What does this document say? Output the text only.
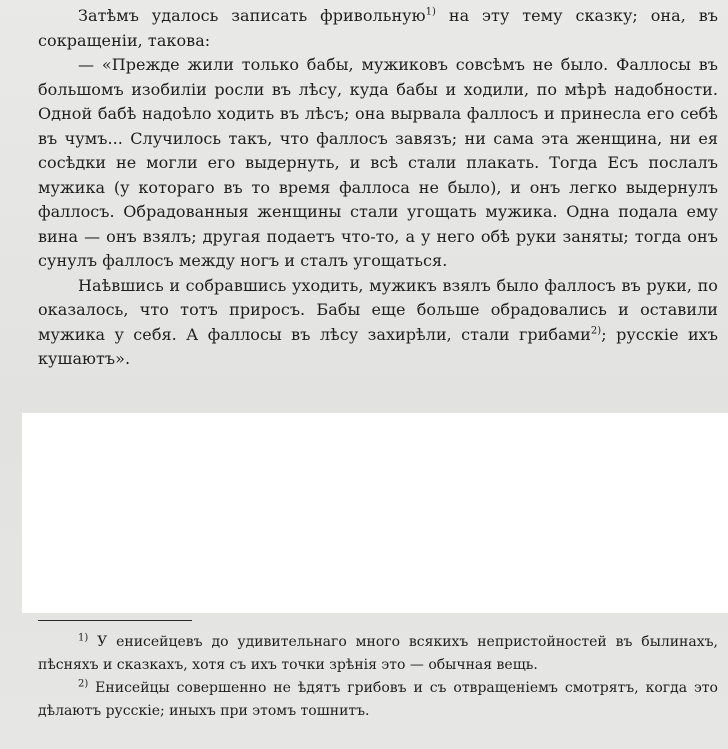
Затѣмъ удалось записать фривольную$^{1)}$ на эту тему сказку; она, въ сокращеніи, такова:

— «Прежде жили только бабы, мужиковъ совсѣмъ не было. Фаллосы въ большомъ изобиліи росли въ лѣсу, куда бабы и ходили, по мѣрѣ надобности. Одной бабѣ надоѣло ходить въ лѣсъ; она вырвала фаллосъ и принесла его себѣ въ чумъ... Случилось такъ, что фаллосъ завязъ; ни сама эта женщина, ни ея сосѣдки не могли его выдернуть, и всѣ стали плакать. Тогда Есъ послалъ мужика (у котораго въ то время фаллоса не было), и онъ легко выдернулъ фаллосъ. Обрадованныя женщины стали угощать мужика. Одна подала ему вина — онъ взялъ; другая подаетъ что-то, а у него обѣ руки заняты; тогда онъ сунулъ фаллосъ между ногъ и сталъ угощаться.

Наѣвшись и собравшись уходить, мужикъ взялъ было фаллосъ въ руки, по оказалось, что тотъ приросъ. Бабы еще больше обрадовались и оставили мужика у себя. А фаллосы въ лѣсу захирѣли, стали грибами$^{2)}$; русскіе ихъ кушаютъ».

$^{1)}$ У енисейцевъ до удивительнаго много всякихъ непристойностей въ былинахъ, пѣсняхъ и сказкахъ, хотя съ ихъ точки зрѣнія это — обычная вещь.

$^{2)}$ Енисейцы совершенно не ѣдятъ грибовъ и съ отвращеніемъ смотрятъ, когда это дѣлаютъ русскіе; иныхъ при этомъ тошнитъ.
